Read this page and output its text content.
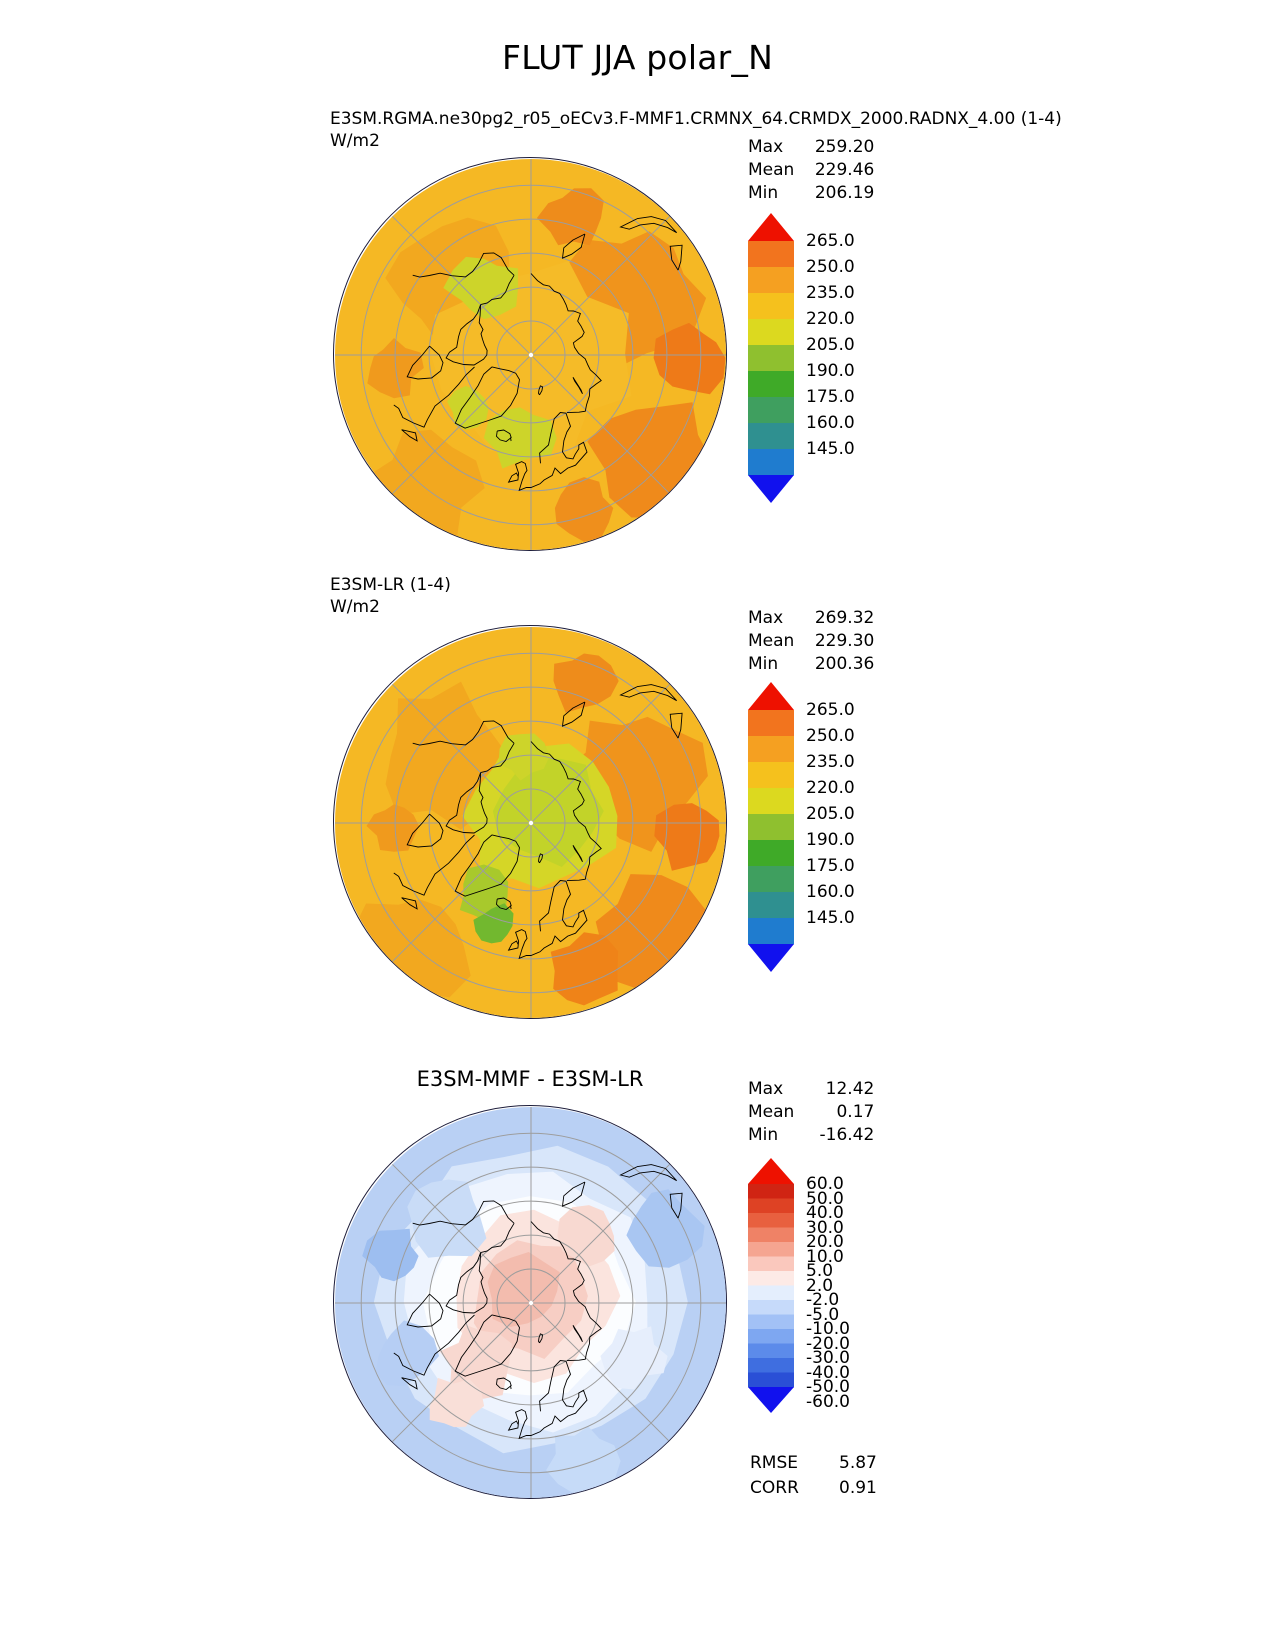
FLUT JJA polar_N
E3SM.RGMA.ne30pg2_r05_oECv3.F-MMF1.CRMNX_64.CRMDX_2000.RADNX_4.00 (1-4)
W/m2	Max	259.20
Mean	229.46
Min	206.19
265.0
250.0
235.0
220.0
205.0
190.0
175.0
160.0
145.0
E3SM-LR (1-4)
W/m2
Max	269.32
Mean	229.30
Min	200.36
265.0
250.0
235.0
220.0
205.0
190.0
175.0
160.0
145.0
E3SM-MMF - E3SM-LR	Max	12.42
Mean	0.17
Min	-16.42
60.0
50.0
40.0
30.0
20.0
10.0
5.0
2.0
-2.0
-5.0
-10.0
-20.0
-30.0
-40.0
-50.0
-60.0
RMSE	5.87
CORR	0.91
